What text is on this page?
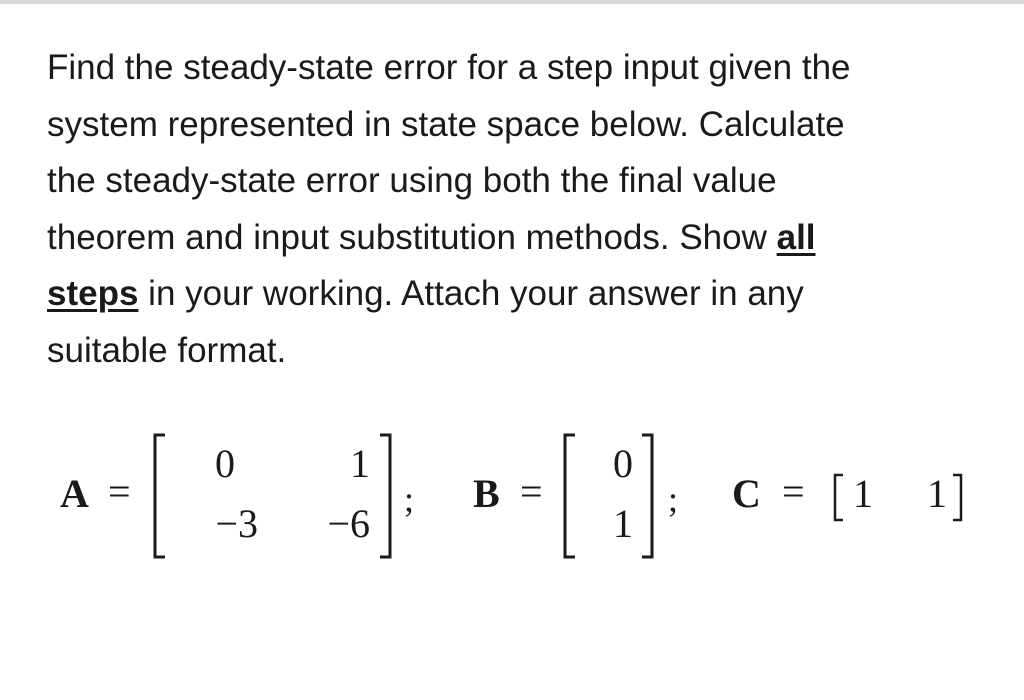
Find the steady-state error for a step input given the
system represented in state space below. Calculate
the steady-state error using both the final value
theorem and input substitution methods. Show all
steps in your working. Attach your answer in any
suitable format.
A =
0	1
−3 −6
; B =
0
1
; C = 1 1
